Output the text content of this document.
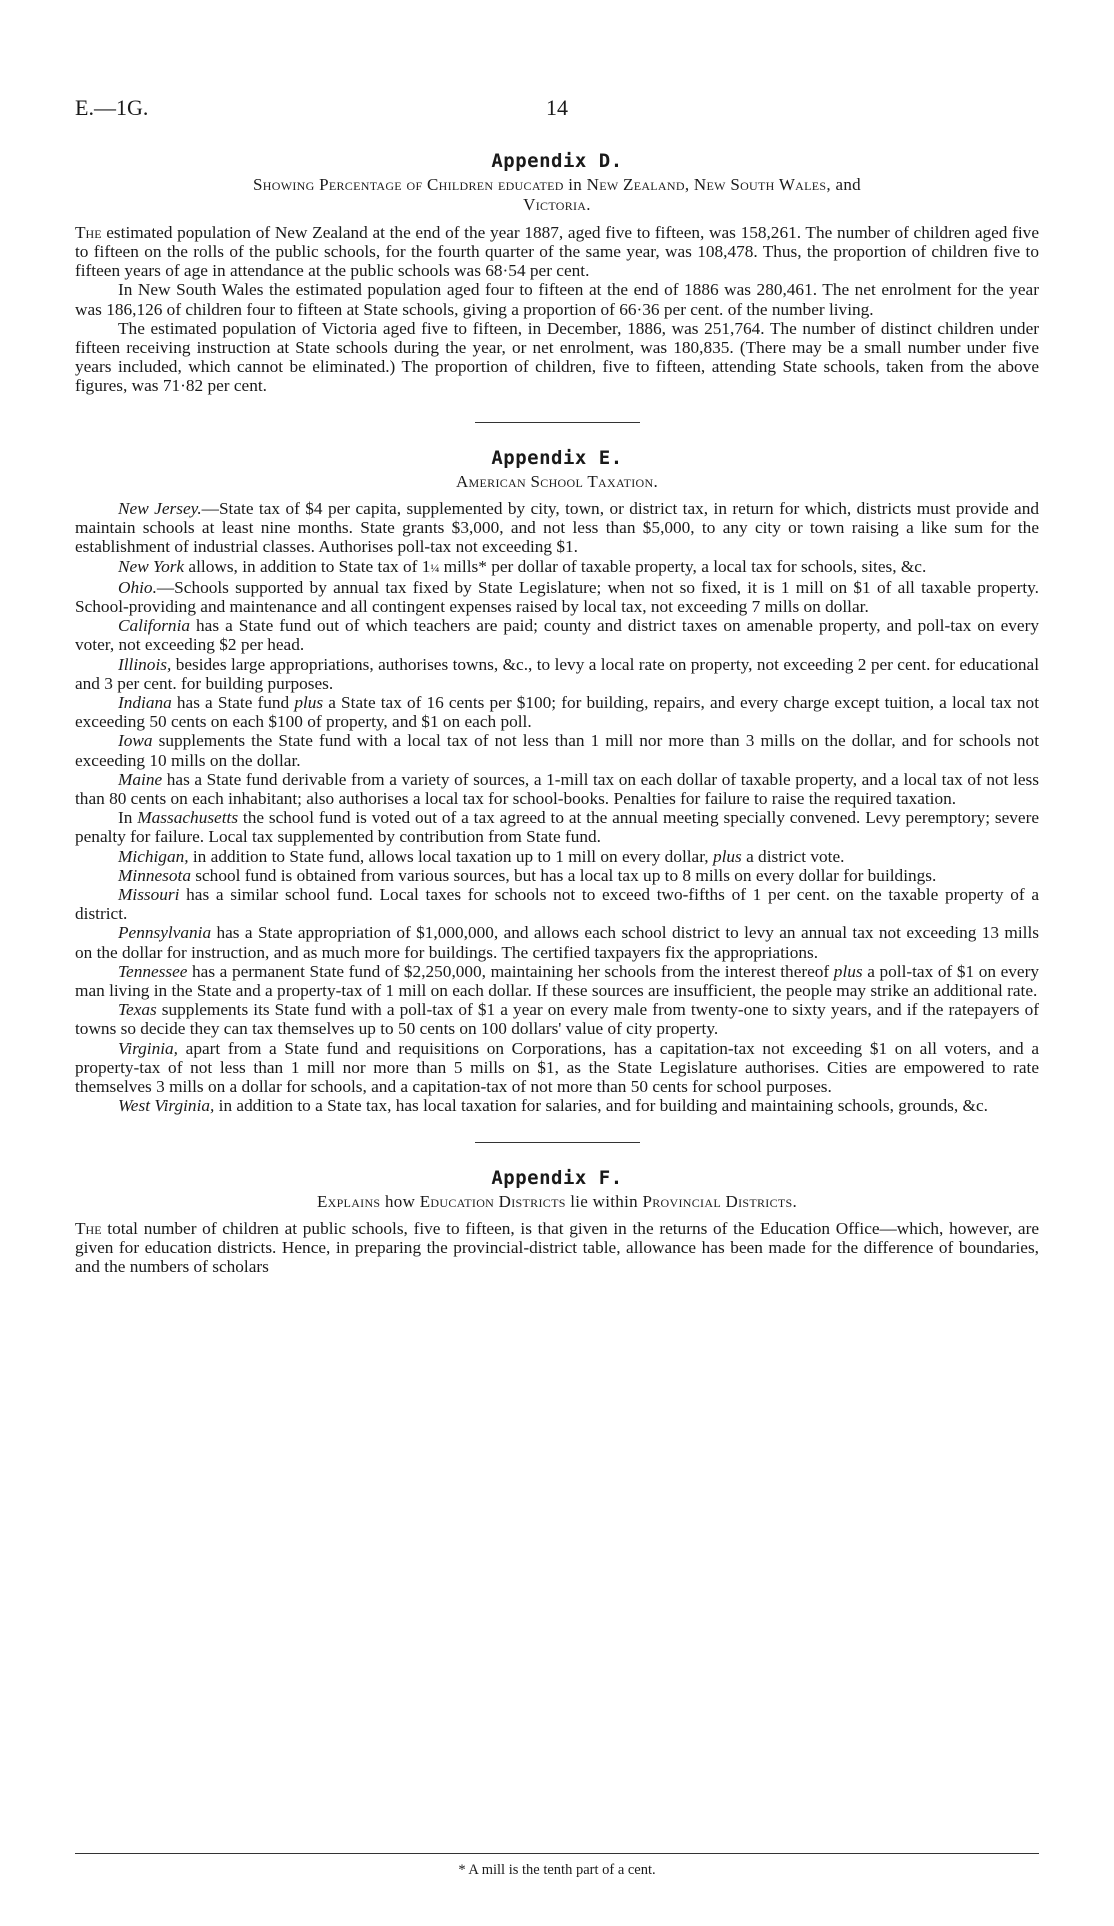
E.—1G.	14
Appendix D.
Showing Percentage of Children educated in New Zealand, New South Wales, and
Victoria.

The estimated population of New Zealand at the end of the year 1887, aged five to fifteen, was 158,261. The number of children aged five to fifteen on the rolls of the public schools, for the fourth quarter of the same year, was 108,478. Thus, the proportion of children five to fifteen years of age in attendance at the public schools was 68·54 per cent.

In New South Wales the estimated population aged four to fifteen at the end of 1886 was 280,461. The net enrolment for the year was 186,126 of children four to fifteen at State schools, giving a proportion of 66·36 per cent. of the number living.

The estimated population of Victoria aged five to fifteen, in December, 1886, was 251,764. The number of distinct children under fifteen receiving instruction at State schools during the year, or net enrolment, was 180,835. (There may be a small number under five years included, which cannot be eliminated.) The proportion of children, five to fifteen, attending State schools, taken from the above figures, was 71·82 per cent.

Appendix E.
American School Taxation.

New Jersey.—State tax of $4 per capita, supplemented by city, town, or district tax, in return for which, districts must provide and maintain schools at least nine months. State grants $3,000, and not less than $5,000, to any city or town raising a like sum for the establishment of industrial classes. Authorises poll-tax not exceeding $1.

New York allows, in addition to State tax of 1¼ mills* per dollar of taxable property, a local tax for schools, sites, &c.

Ohio.—Schools supported by annual tax fixed by State Legislature; when not so fixed, it is 1 mill on $1 of all taxable property. School-providing and maintenance and all contingent expenses raised by local tax, not exceeding 7 mills on dollar.

California has a State fund out of which teachers are paid; county and district taxes on amenable property, and poll-tax on every voter, not exceeding $2 per head.

Illinois, besides large appropriations, authorises towns, &c., to levy a local rate on property, not exceeding 2 per cent. for educational and 3 per cent. for building purposes.

Indiana has a State fund plus a State tax of 16 cents per $100; for building, repairs, and every charge except tuition, a local tax not exceeding 50 cents on each $100 of property, and $1 on each poll.

Iowa supplements the State fund with a local tax of not less than 1 mill nor more than 3 mills on the dollar, and for schools not exceeding 10 mills on the dollar.

Maine has a State fund derivable from a variety of sources, a 1-mill tax on each dollar of taxable property, and a local tax of not less than 80 cents on each inhabitant; also authorises a local tax for school-books. Penalties for failure to raise the required taxation.

In Massachusetts the school fund is voted out of a tax agreed to at the annual meeting specially convened. Levy peremptory; severe penalty for failure. Local tax supplemented by contribution from State fund.

Michigan, in addition to State fund, allows local taxation up to 1 mill on every dollar, plus a district vote.

Minnesota school fund is obtained from various sources, but has a local tax up to 8 mills on every dollar for buildings.

Missouri has a similar school fund. Local taxes for schools not to exceed two-fifths of 1 per cent. on the taxable property of a district.

Pennsylvania has a State appropriation of $1,000,000, and allows each school district to levy an annual tax not exceeding 13 mills on the dollar for instruction, and as much more for buildings. The certified taxpayers fix the appropriations.

Tennessee has a permanent State fund of $2,250,000, maintaining her schools from the interest thereof plus a poll-tax of $1 on every man living in the State and a property-tax of 1 mill on each dollar. If these sources are insufficient, the people may strike an additional rate.

Texas supplements its State fund with a poll-tax of $1 a year on every male from twenty-one to sixty years, and if the ratepayers of towns so decide they can tax themselves up to 50 cents on 100 dollars' value of city property.

Virginia, apart from a State fund and requisitions on Corporations, has a capitation-tax not exceeding $1 on all voters, and a property-tax of not less than 1 mill nor more than 5 mills on $1, as the State Legislature authorises. Cities are empowered to rate themselves 3 mills on a dollar for schools, and a capitation-tax of not more than 50 cents for school purposes.

West Virginia, in addition to a State tax, has local taxation for salaries, and for building and maintaining schools, grounds, &c.

Appendix F.
Explains how Education Districts lie within Provincial Districts.

The total number of children at public schools, five to fifteen, is that given in the returns of the Education Office—which, however, are given for education districts. Hence, in preparing the provincial-district table, allowance has been made for the difference of boundaries, and the numbers of scholars

* A mill is the tenth part of a cent.
